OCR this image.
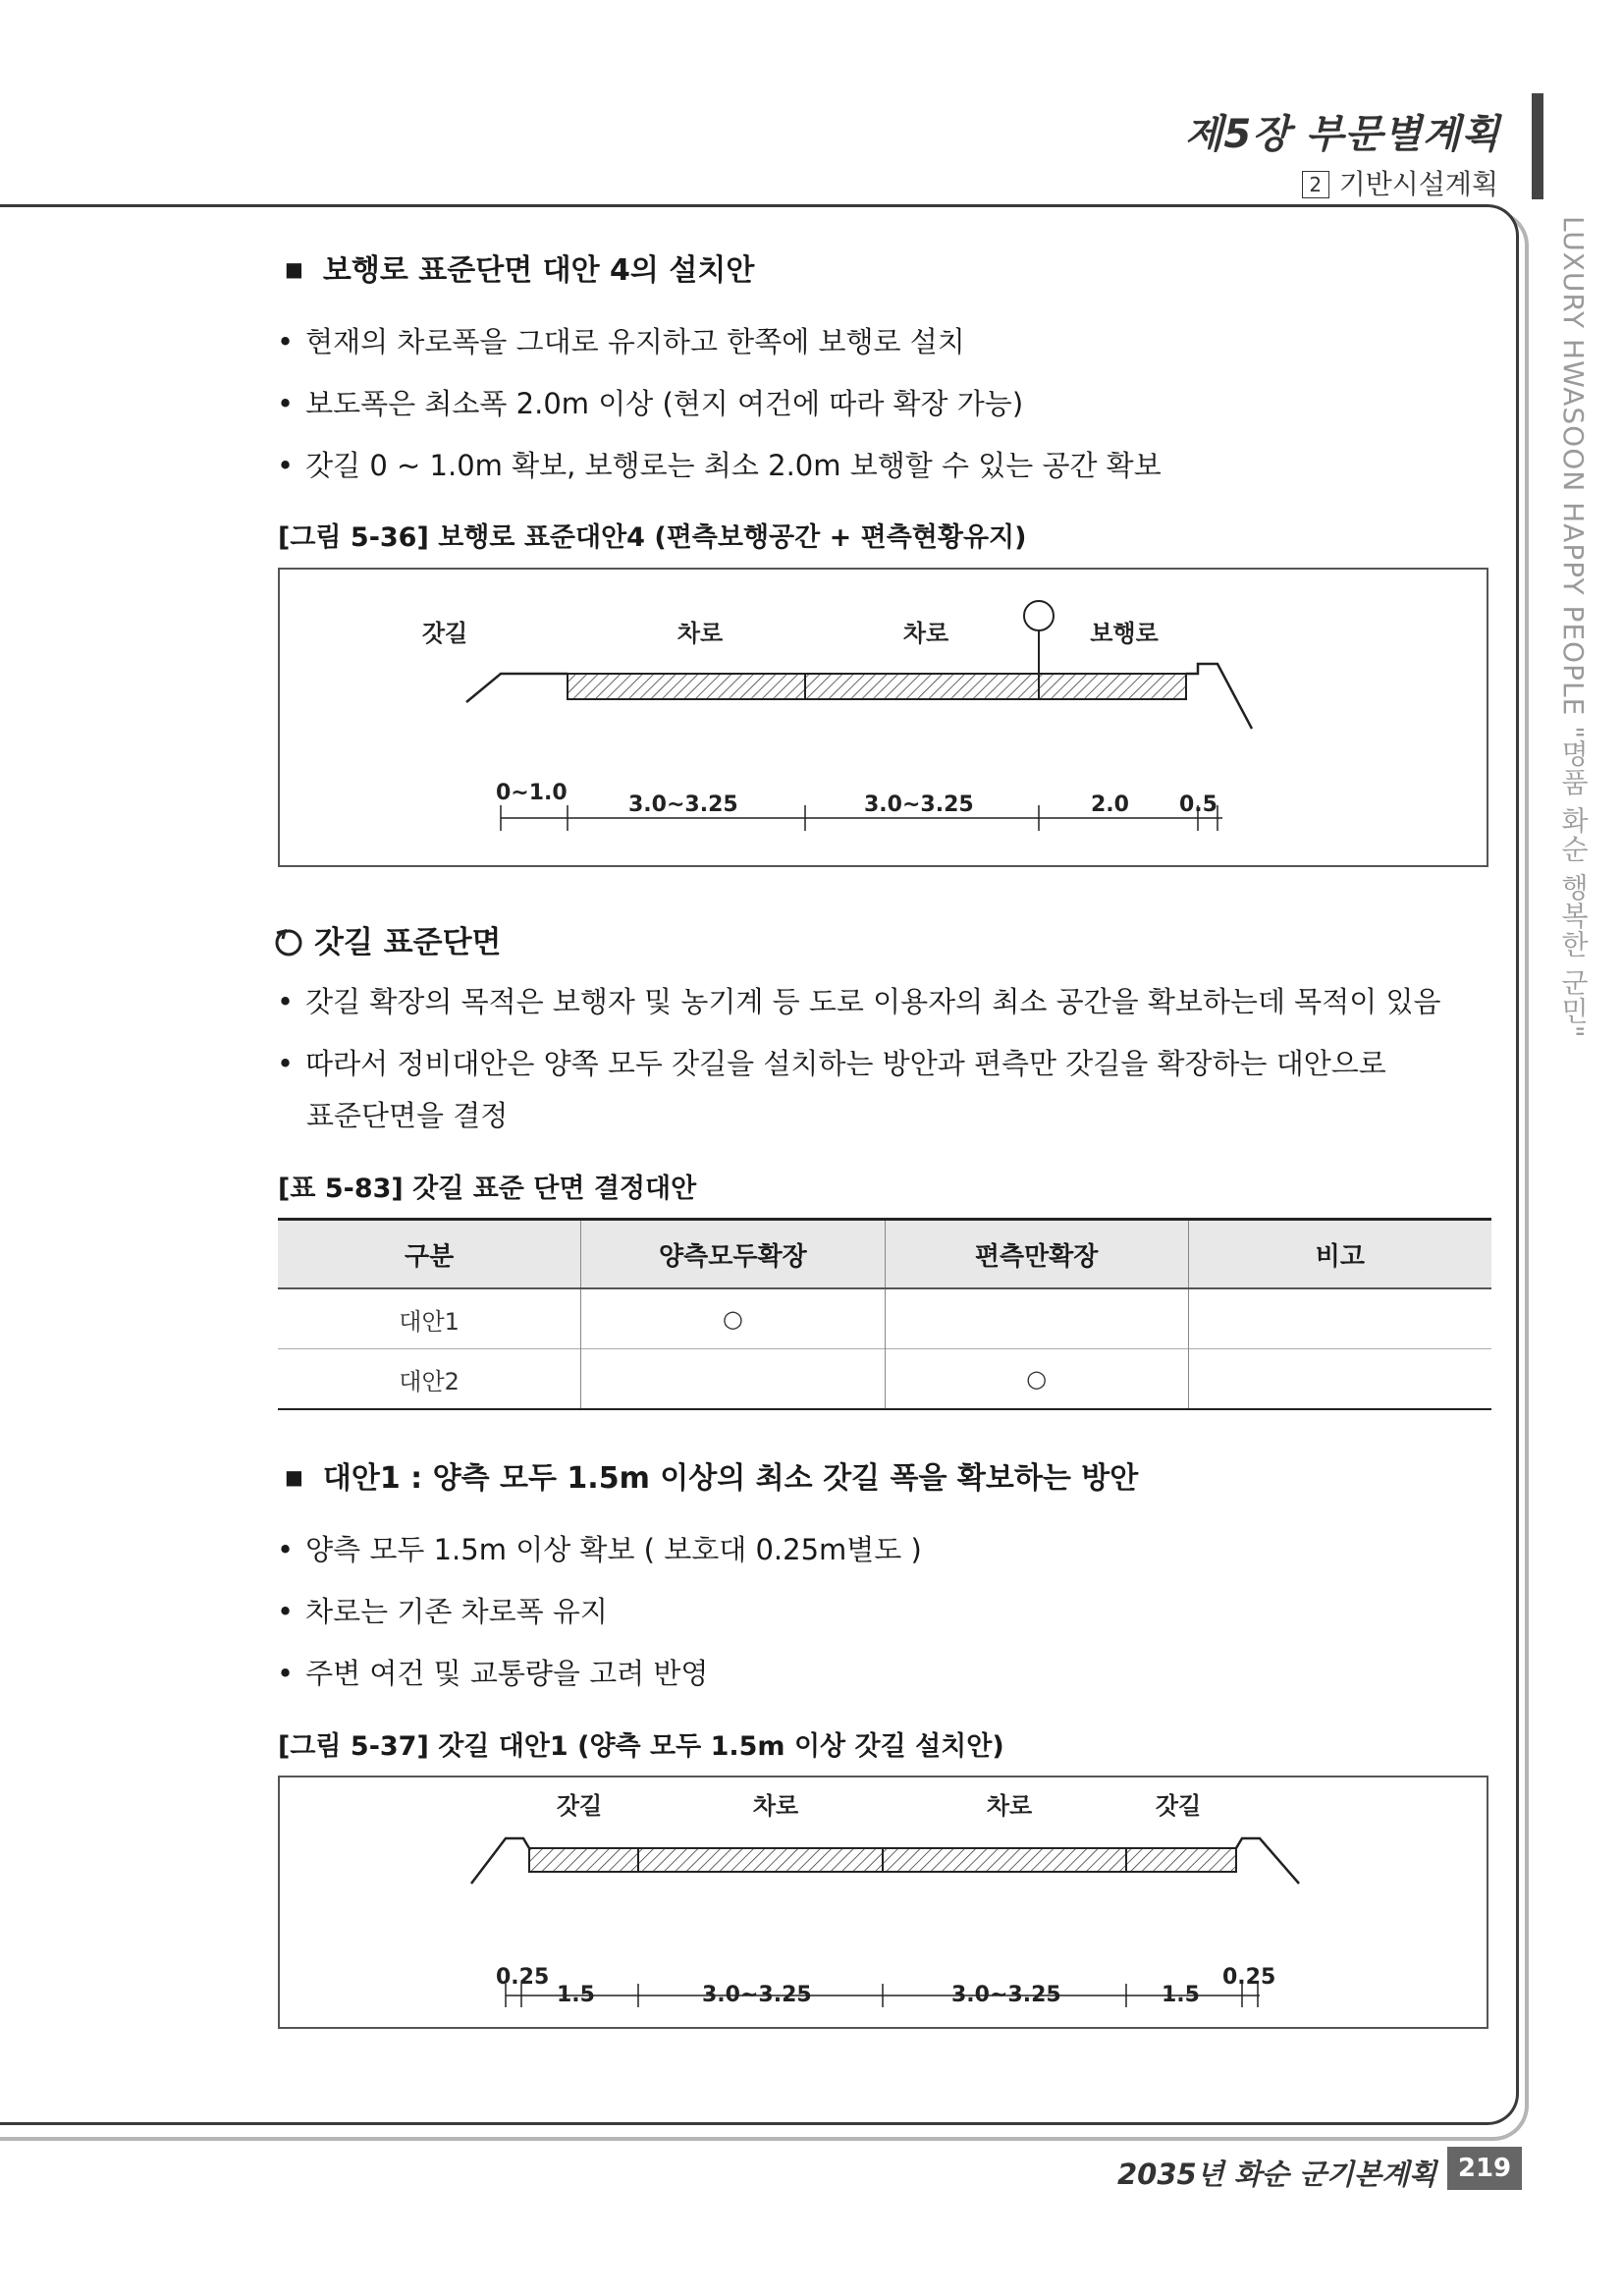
제5장 부문별계획
2 기반시설계획
LUXURY HWASOON HAPPY PEOPLE "명품 화순 행복한 군민"
■ 보행로 표준단면 대안 4의 설치안
• 현재의 차로폭을 그대로 유지하고 한쪽에 보행로 설치
• 보도폭은 최소폭 2.0m 이상 (현지 여건에 따라 확장 가능)
• 갓길 0 ~ 1.0m 확보, 보행로는 최소 2.0m 보행할 수 있는 공간 확보
[그림 5-36] 보행로 표준대안4 (편측보행공간 + 편측현황유지)
갓길	차로	차로	보행로
0~1.0	3.0~3.25	3.0~3.25	2.0 0.5
갓길 표준단면
• 갓길 확장의 목적은 보행자 및 농기계 등 도로 이용자의 최소 공간을 확보하는데 목적이 있음
• 따라서 정비대안은 양쪽 모두 갓길을 설치하는 방안과 편측만 갓길을 확장하는 대안으로
표준단면을 결정
[표 5-83] 갓길 표준 단면 결정대안
구분	양측모두확장	편측만확장	비고
대안1	○		
대안2		○	
■ 대안1 : 양측 모두 1.5m 이상의 최소 갓길 폭을 확보하는 방안
• 양측 모두 1.5m 이상 확보 ( 보호대 0.25m별도 )
• 차로는 기존 차로폭 유지
• 주변 여건 및 교통량을 고려 반영
[그림 5-37] 갓길 대안1 (양측 모두 1.5m 이상 갓길 설치안)
갓길	차로	차로	갓길
0.25
1.5	3.0~3.25	3.0~3.25	1.5
0.25
2035년 화순 군기본계획 219
